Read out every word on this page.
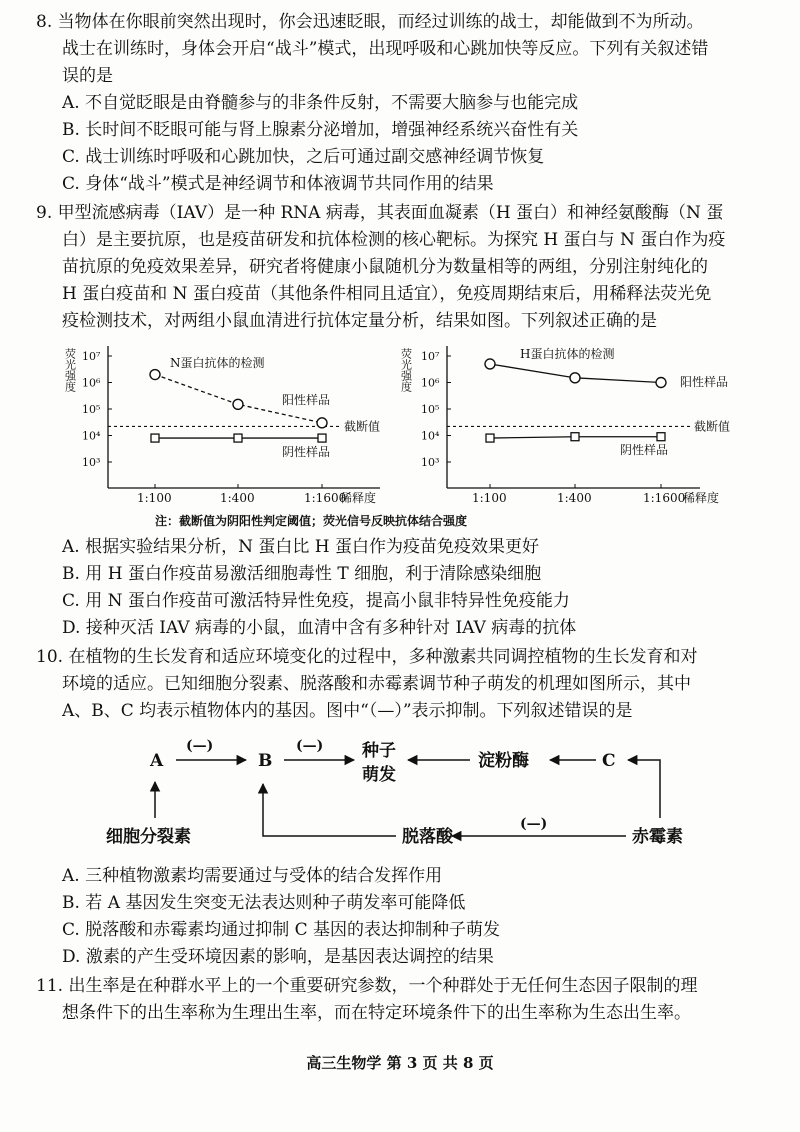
8. 当物体在你眼前突然出现时，你会迅速眨眼，而经过训练的战士，却能做到不为所动。
战士在训练时，身体会开启“战斗”模式，出现呼吸和心跳加快等反应。下列有关叙述错
误的是
A. 不自觉眨眼是由脊髓参与的非条件反射，不需要大脑参与也能完成
B. 长时间不眨眼可能与肾上腺素分泌增加，增强神经系统兴奋性有关
C. 战士训练时呼吸和心跳加快，之后可通过副交感神经调节恢复
C. 身体“战斗”模式是神经调节和体液调节共同作用的结果
9. 甲型流感病毒（IAV）是一种 RNA 病毒，其表面血凝素（H 蛋白）和神经氨酸酶（N 蛋
白）是主要抗原，也是疫苗研发和抗体检测的核心靶标。为探究 H 蛋白与 N 蛋白作为疫
苗抗原的免疫效果差异，研究者将健康小鼠随机分为数量相等的两组，分别注射纯化的
H 蛋白疫苗和 N 蛋白疫苗（其他条件相同且适宜），免疫周期结束后，用稀释法荧光免
疫检测技术，对两组小鼠血清进行抗体定量分析，结果如图。下列叙述正确的是
荧光强度
10³
10⁴
10⁵
10⁶
10⁷
1:100	1:400	1:1600
稀释度
截断值
N蛋白抗体的检测
阳性样品
阴性样品
荧光强度
10³
10⁴
10⁵
10⁶
10⁷
1:100	1:400	1:1600
稀释度
截断值
H蛋白抗体的检测
阳性样品
阴性样品
注：截断值为阴阳性判定阈值；荧光信号反映抗体结合强度
A. 根据实验结果分析，N 蛋白比 H 蛋白作为疫苗免疫效果更好
B. 用 H 蛋白作疫苗易激活细胞毒性 T 细胞，利于清除感染细胞
C. 用 N 蛋白作疫苗可激活特异性免疫，提高小鼠非特异性免疫能力
D. 接种灭活 IAV 病毒的小鼠，血清中含有多种针对 IAV 病毒的抗体
10. 在植物的生长发育和适应环境变化的过程中，多种激素共同调控植物的生长发育和对
环境的适应。已知细胞分裂素、脱落酸和赤霉素调节种子萌发的机理如图所示，其中
A、B、C 均表示植物体内的基因。图中“（—）”表示抑制。下列叙述错误的是
A	B	种子
萌发
淀粉酶	C
细胞分裂素	脱落酸	赤霉素
(—)	(—)
(—)
A. 三种植物激素均需要通过与受体的结合发挥作用
B. 若 A 基因发生突变无法表达则种子萌发率可能降低
C. 脱落酸和赤霉素均通过抑制 C 基因的表达抑制种子萌发
D. 激素的产生受环境因素的影响，是基因表达调控的结果
11. 出生率是在种群水平上的一个重要研究参数，一个种群处于无任何生态因子限制的理
想条件下的出生率称为生理出生率，而在特定环境条件下的出生率称为生态出生率。
高三生物学 第 3 页 共 8 页
